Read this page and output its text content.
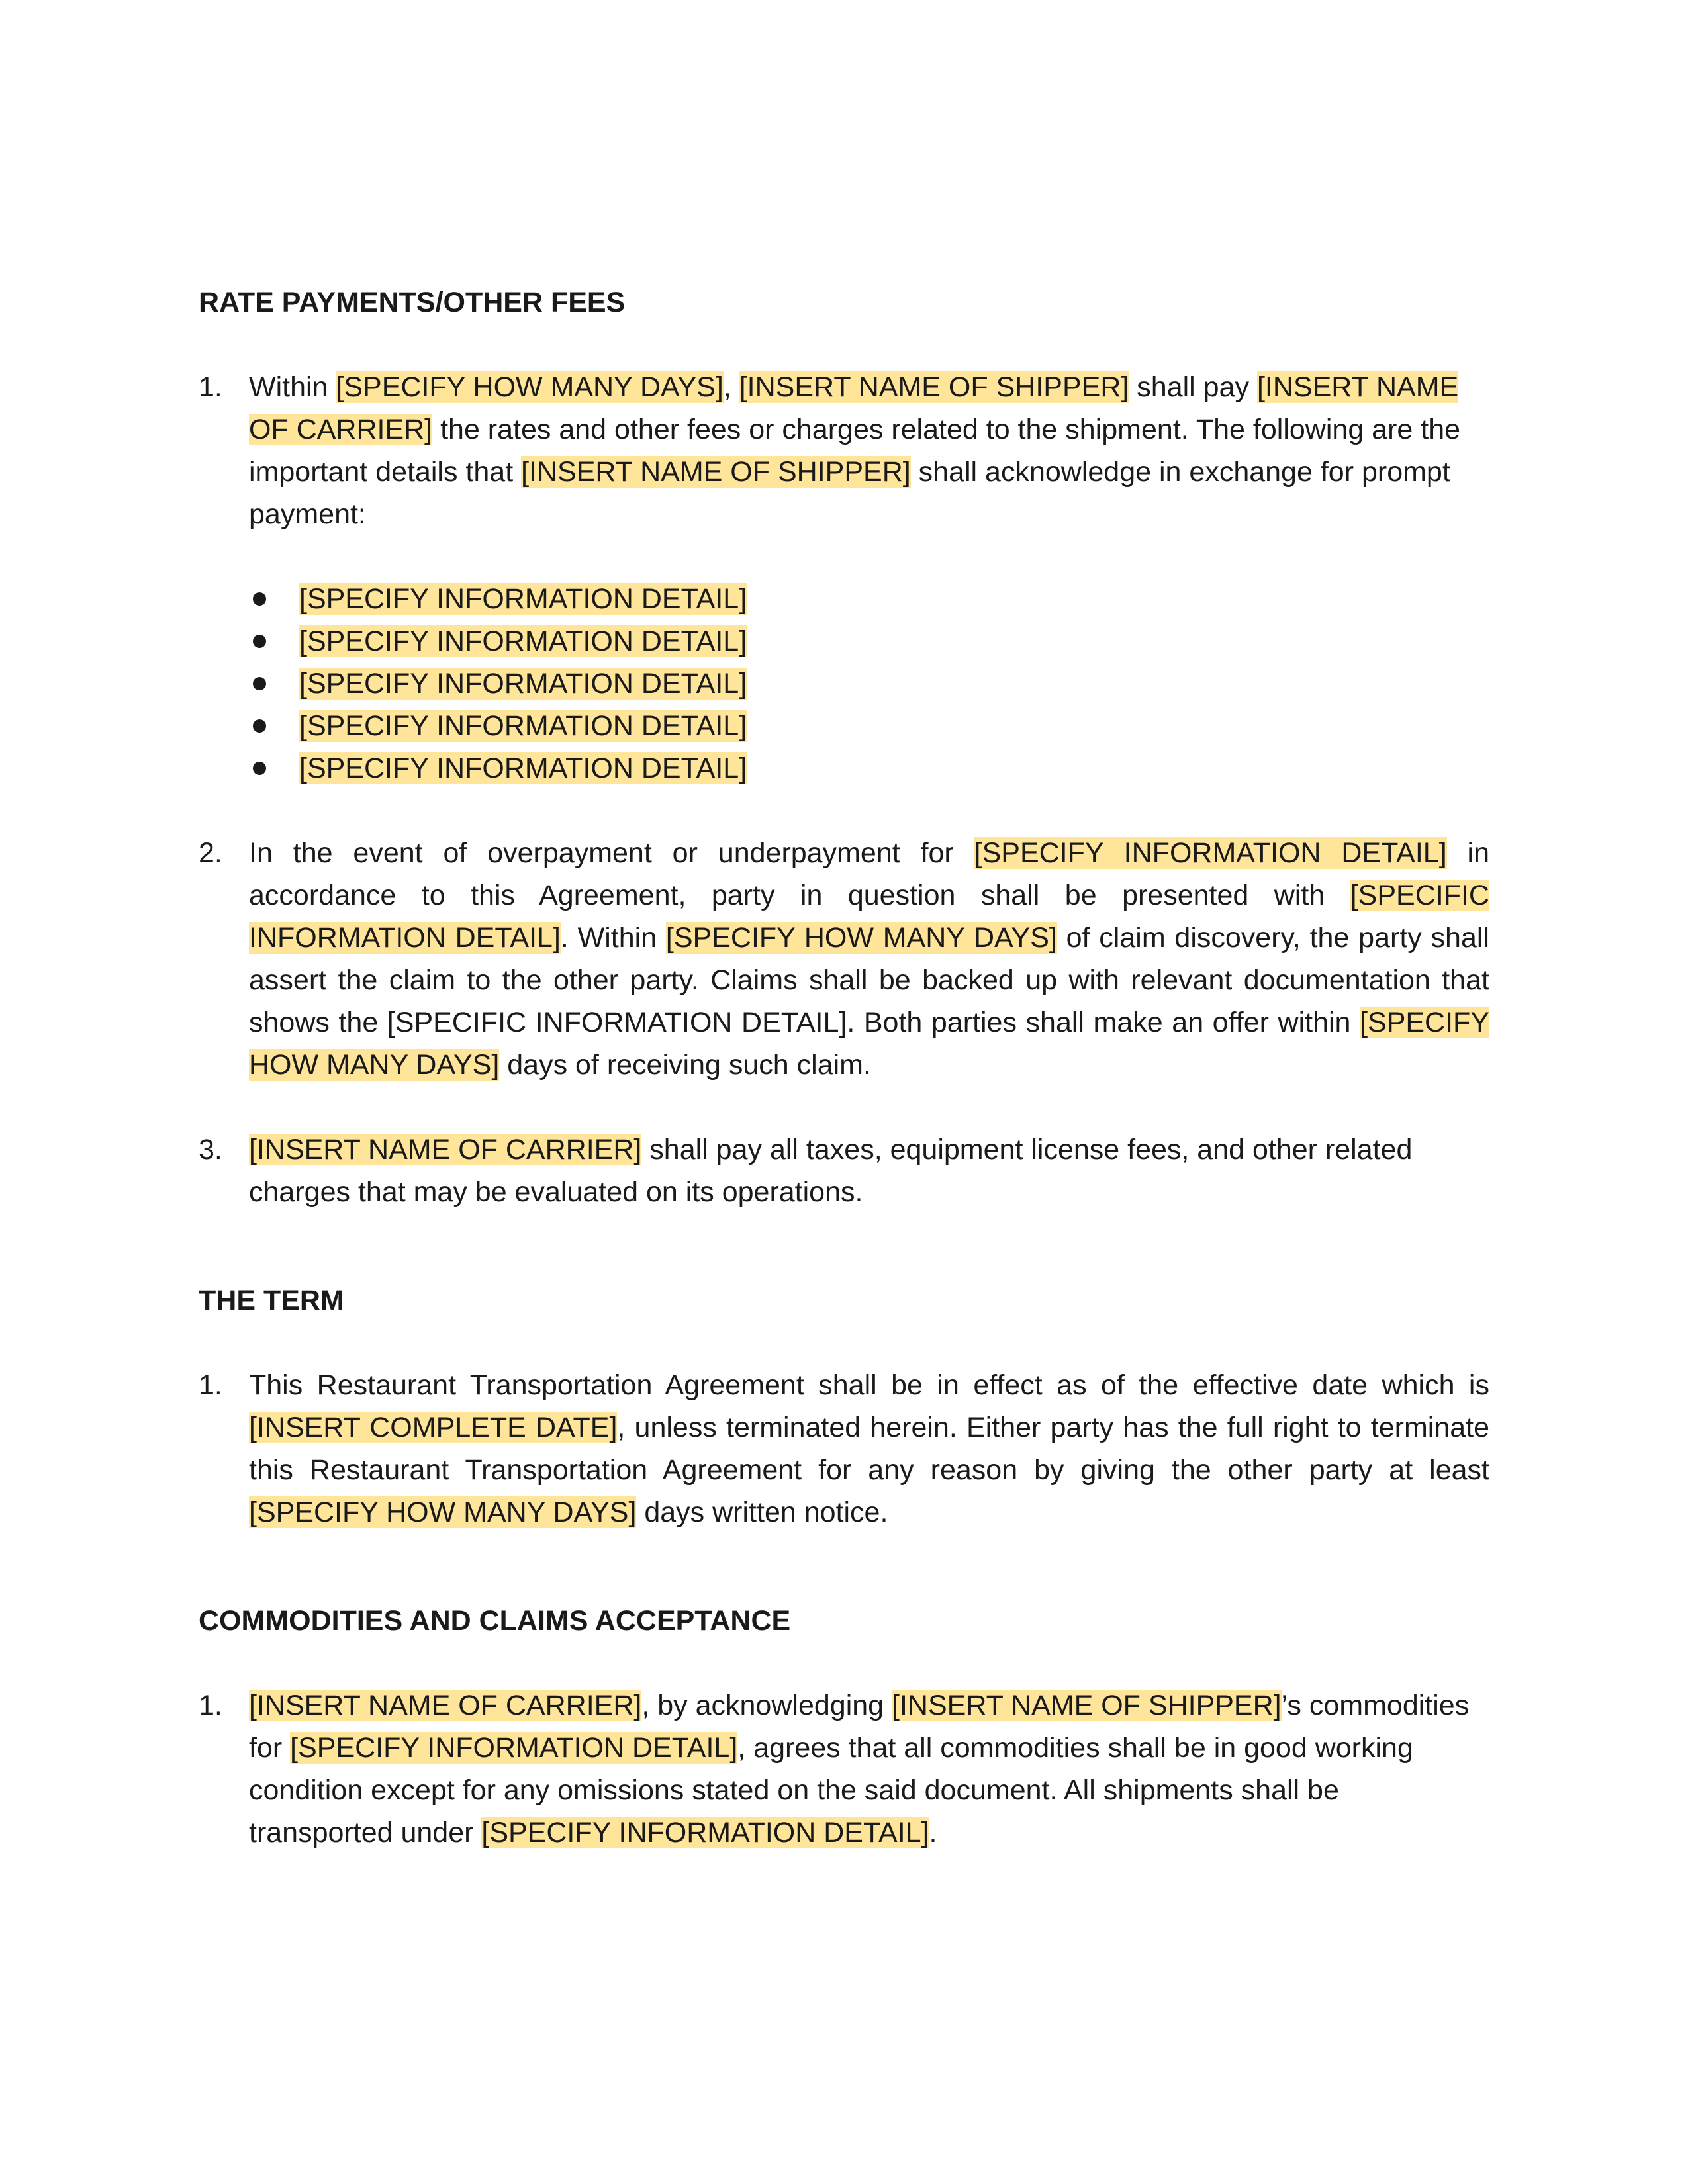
RATE PAYMENTS/OTHER FEES
1. Within [SPECIFY HOW MANY DAYS], [INSERT NAME OF SHIPPER] shall pay [INSERT NAME OF CARRIER] the rates and other fees or charges related to the shipment. The following are the important details that [INSERT NAME OF SHIPPER] shall acknowledge in exchange for prompt payment:
[SPECIFY INFORMATION DETAIL]
[SPECIFY INFORMATION DETAIL]
[SPECIFY INFORMATION DETAIL]
[SPECIFY INFORMATION DETAIL]
[SPECIFY INFORMATION DETAIL]
2. In the event of overpayment or underpayment for [SPECIFY INFORMATION DETAIL] in accordance to this Agreement, party in question shall be presented with [SPECIFIC INFORMATION DETAIL]. Within [SPECIFY HOW MANY DAYS] of claim discovery, the party shall assert the claim to the other party. Claims shall be backed up with relevant documentation that shows the [SPECIFIC INFORMATION DETAIL]. Both parties shall make an offer within [SPECIFY HOW MANY DAYS] days of receiving such claim.
3. [INSERT NAME OF CARRIER] shall pay all taxes, equipment license fees, and other related charges that may be evaluated on its operations.
THE TERM
1. This Restaurant Transportation Agreement shall be in effect as of the effective date which is [INSERT COMPLETE DATE], unless terminated herein. Either party has the full right to terminate this Restaurant Transportation Agreement for any reason by giving the other party at least [SPECIFY HOW MANY DAYS] days written notice.
COMMODITIES AND CLAIMS ACCEPTANCE
1. [INSERT NAME OF CARRIER], by acknowledging [INSERT NAME OF SHIPPER]’s commodities for [SPECIFY INFORMATION DETAIL], agrees that all commodities shall be in good working condition except for any omissions stated on the said document. All shipments shall be transported under [SPECIFY INFORMATION DETAIL].
